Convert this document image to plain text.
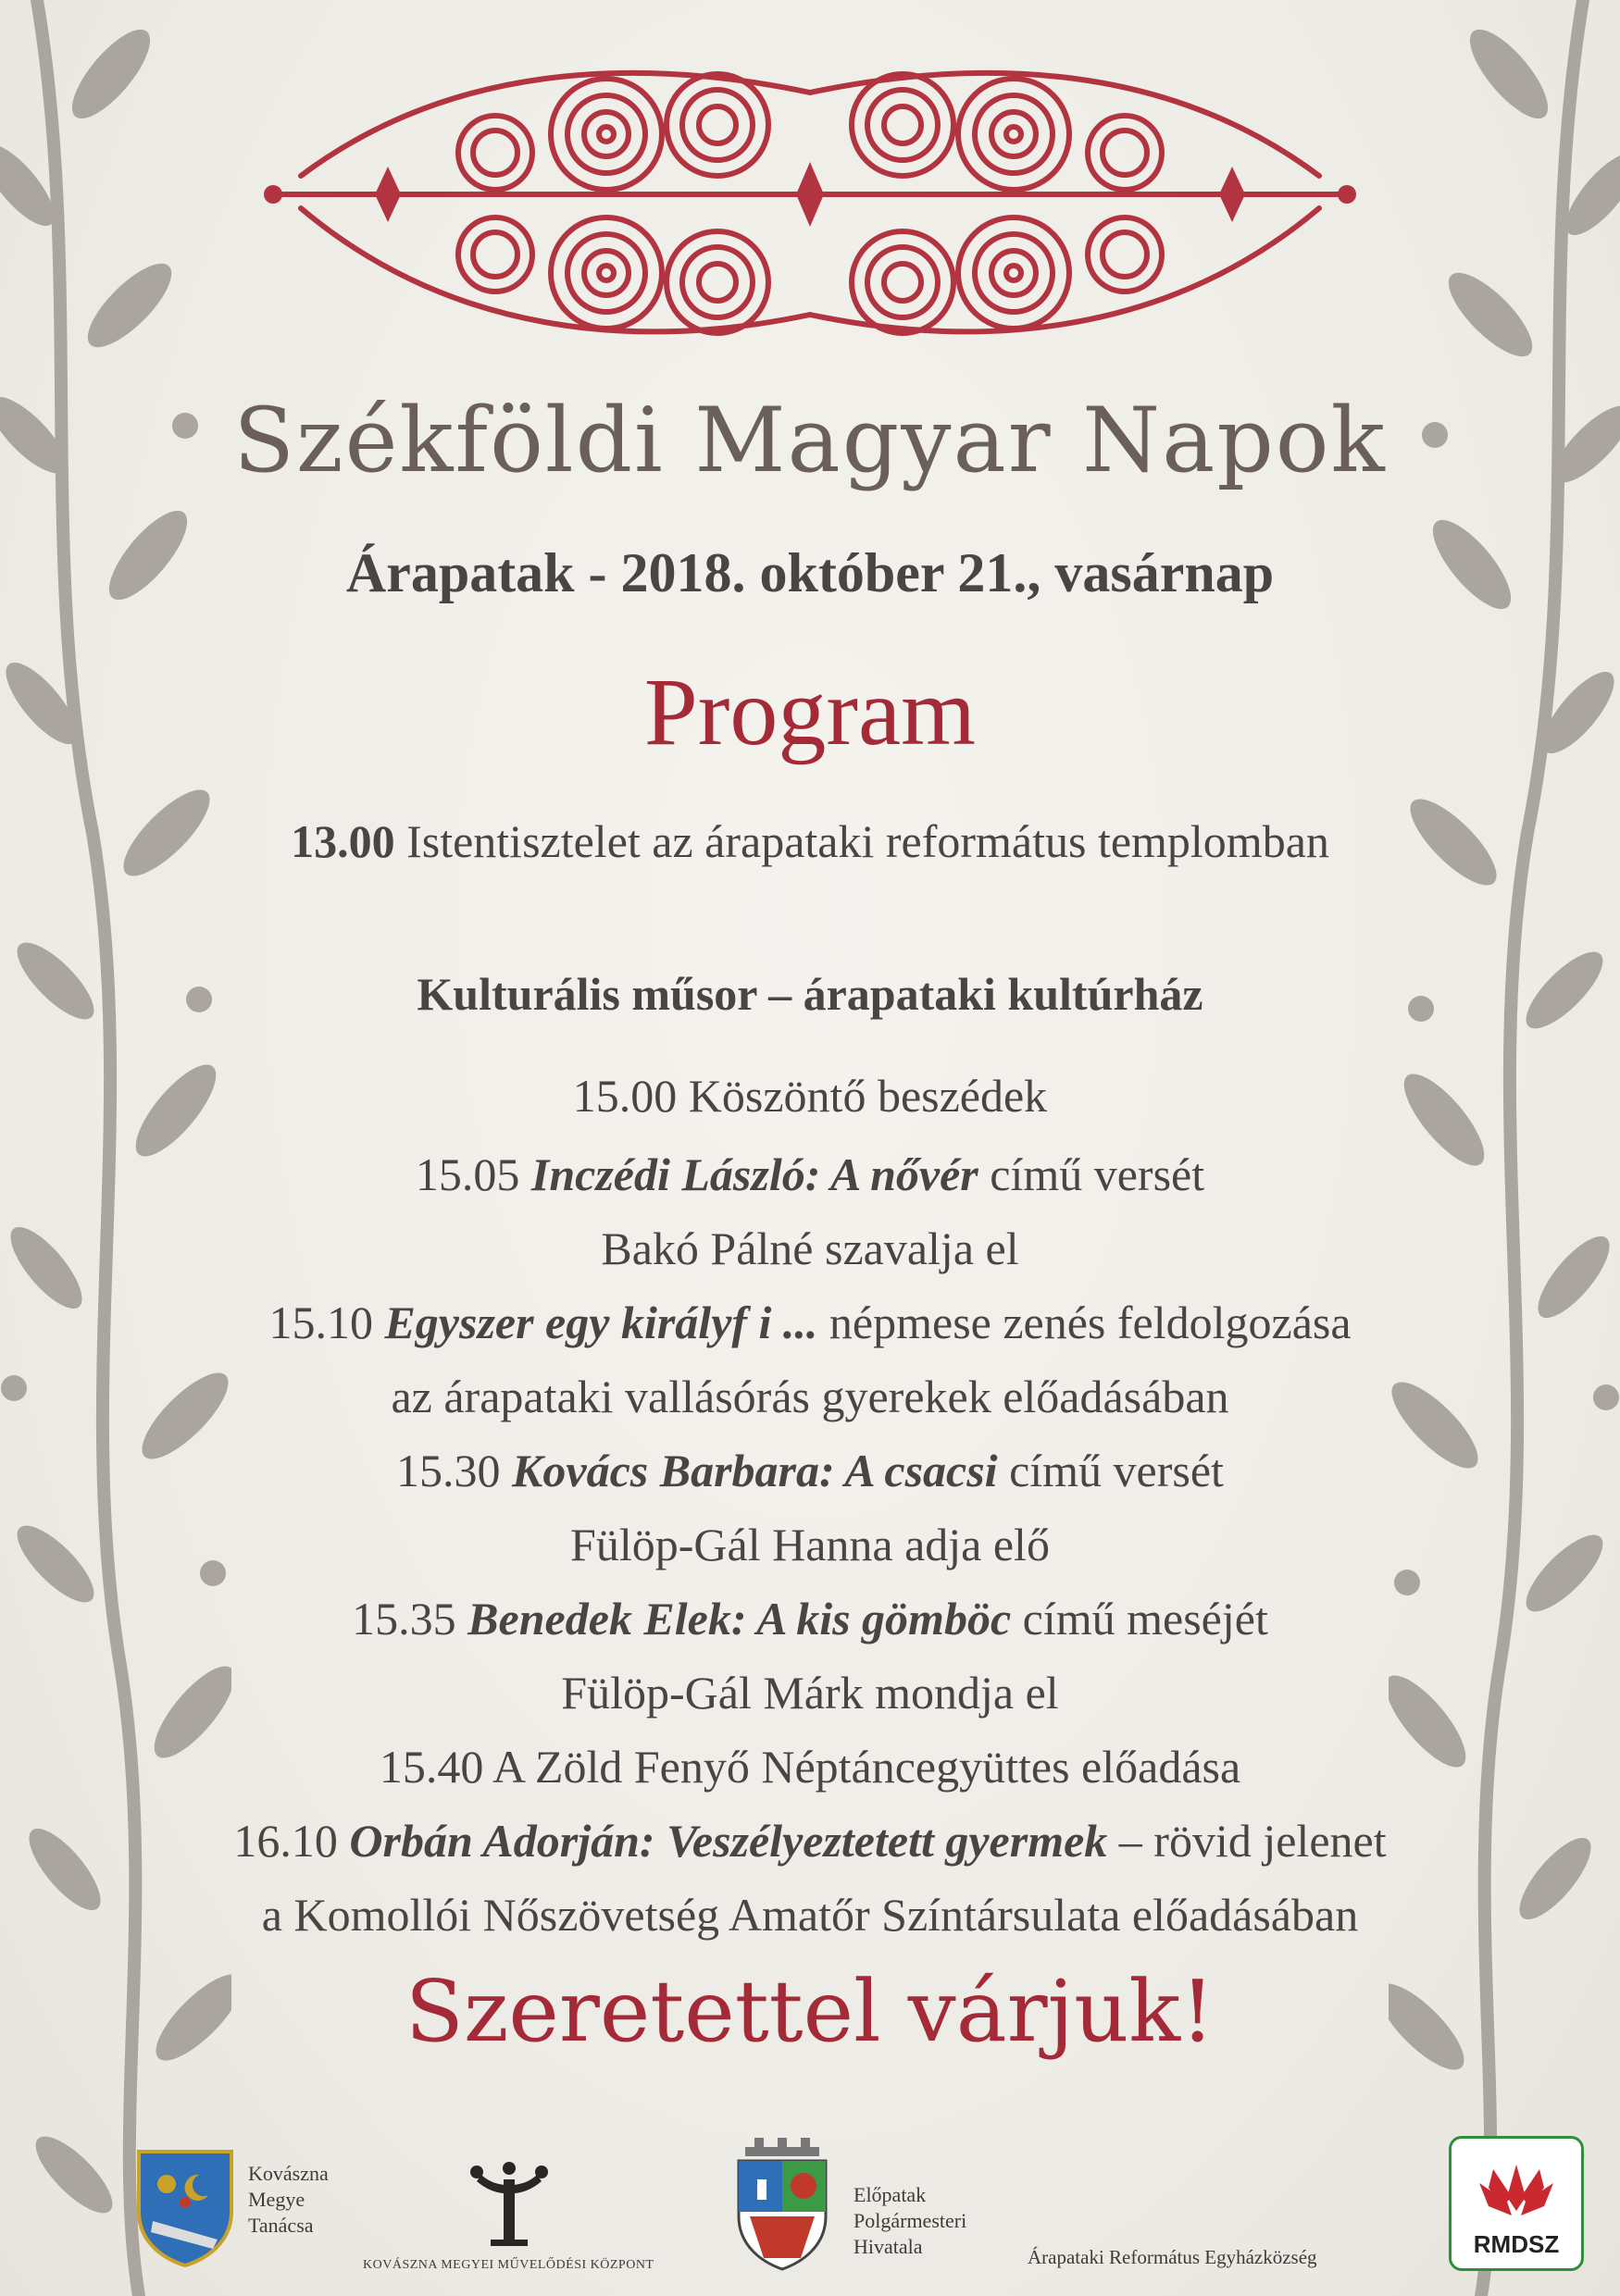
Székföldi Magyar Napok
Árapatak - 2018. október 21., vasárnap
Program
13.00 Istentisztelet az árapataki református templomban
Kulturális műsor – árapataki kultúrház
15.00 Köszöntő beszédek
15.05 Inczédi László: A nővér című versét
Bakó Pálné szavalja el
15.10 Egyszer egy királyf i ... népmese zenés feldolgozása
az árapataki vallásórás gyerekek előadásában
15.30 Kovács Barbara: A csacsi című versét
Fülöp-Gál Hanna adja elő
15.35 Benedek Elek: A kis gömböc című meséjét
Fülöp-Gál Márk mondja el
15.40 A Zöld Fenyő Néptáncegyüttes előadása
16.10 Orbán Adorján: Veszélyeztetett gyermek – rövid jelenet
a Komollói Nőszövetség Amatőr Színtársulata előadásában
Szeretettel várjuk!
Kovászna
Megye
Tanácsa
KOVÁSZNA MEGYEI MŰVELŐDÉSI KÖZPONT
Előpatak
Polgármesteri
Hivatala	Árapataki Református Egyházközség	RMDSZ
